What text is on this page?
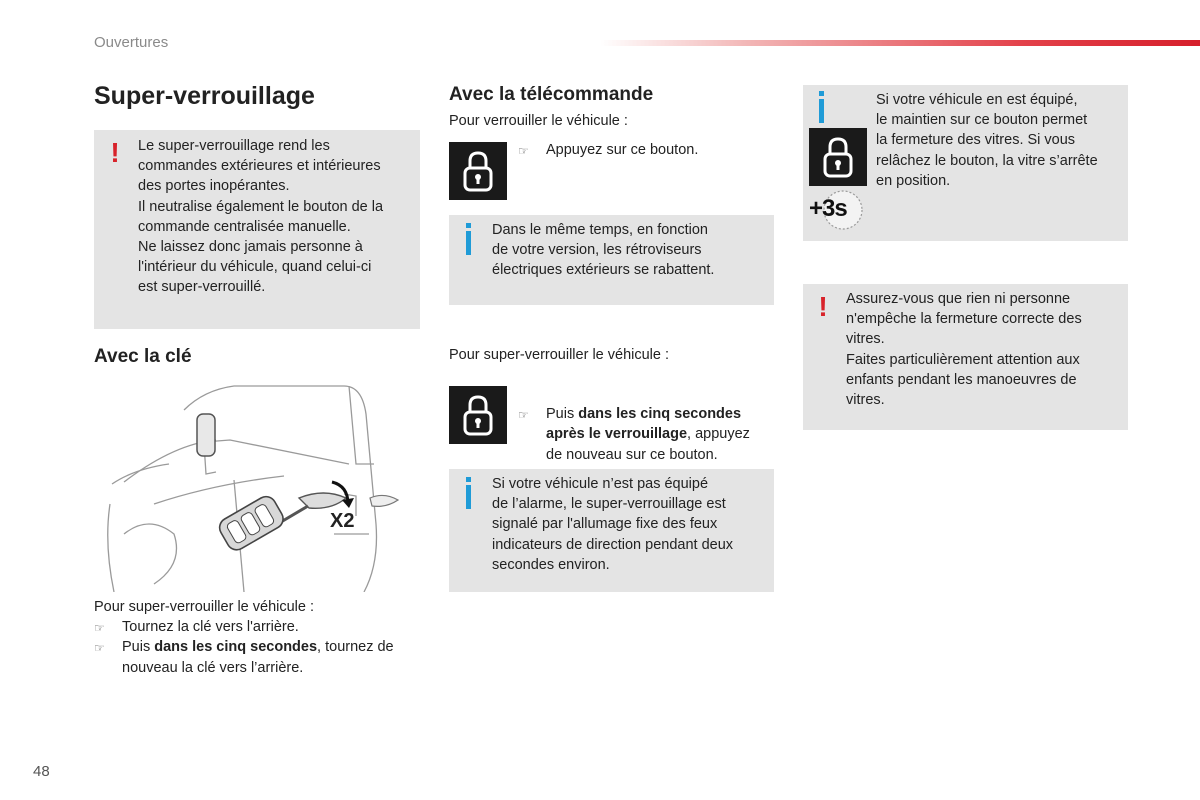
Ouvertures
Super-verrouillage
! Le super-verrouillage rend les
commandes extérieures et intérieures
des portes inopérantes.
Il neutralise également le bouton de la
commande centralisée manuelle.
Ne laissez donc jamais personne à
l'intérieur du véhicule, quand celui-ci
est super-verrouillé.
Avec la clé
X2
Pour super-verrouiller le véhicule :
☞ Tournez la clé vers l'arrière.
☞ Puis dans les cinq secondes, tournez de
nouveau la clé vers l’arrière.
Avec la télécommande
Pour verrouiller le véhicule :
☞ Appuyez sur ce bouton.
Dans le même temps, en fonction
de votre version, les rétroviseurs
électriques extérieurs se rabattent.
Pour super-verrouiller le véhicule :
☞ Puis dans les cinq secondes
après le verrouillage, appuyez
de nouveau sur ce bouton.
Si votre véhicule n’est pas équipé
de l’alarme, le super-verrouillage est
signalé par l'allumage fixe des feux
indicateurs de direction pendant deux
secondes environ.
+3s
Si votre véhicule en est équipé,
le maintien sur ce bouton permet
la fermeture des vitres. Si vous
relâchez le bouton, la vitre s’arrête
en position.
! Assurez-vous que rien ni personne
n'empêche la fermeture correcte des
vitres.
Faites particulièrement attention aux
enfants pendant les manoeuvres de
vitres.
48
